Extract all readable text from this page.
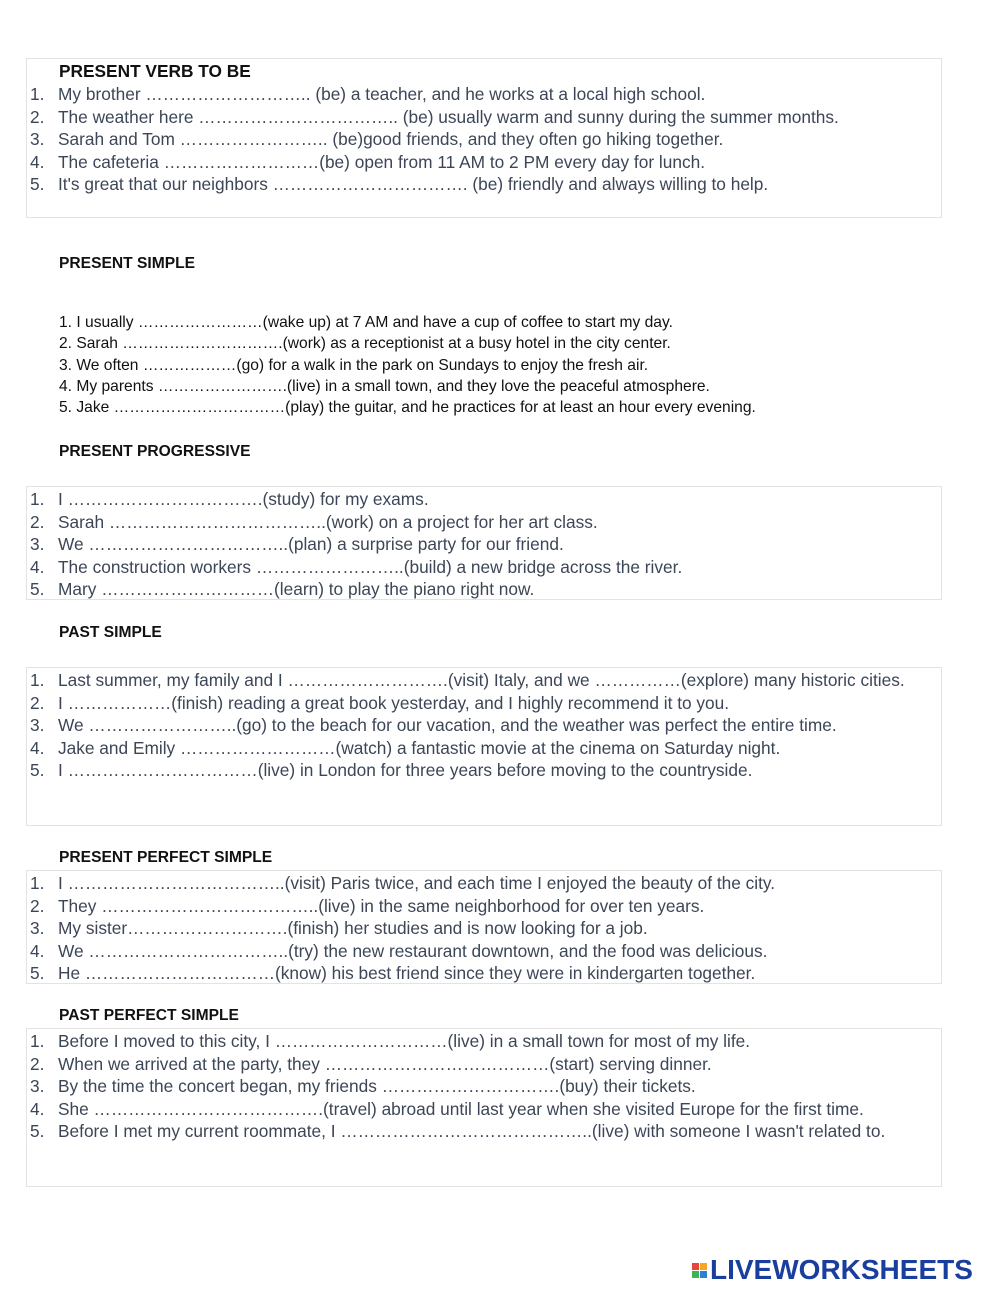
PRESENT VERB TO BE
1. My brother ……………………….. (be) a teacher, and he works at a local high school.
2. The weather here …………………………….. (be) usually warm and sunny during the summer months.
3. Sarah and Tom …………………….. (be)good friends, and they often go hiking together.
4. The cafeteria ………………………(be) open from 11 AM to 2 PM every day for lunch.
5. It's great that our neighbors ……………………………. (be) friendly and always willing to help.
PRESENT SIMPLE
1. I usually ……………………(wake up) at 7 AM and have a cup of coffee to start my day.
2. Sarah ………………………….(work) as a receptionist at a busy hotel in the city center.
3. We often ………………(go) for a walk in the park on Sundays to enjoy the fresh air.
4. My parents …………………….(live) in a small town, and they love the peaceful atmosphere.
5. Jake ……………………………(play) the guitar, and he practices for at least an hour every evening.
PRESENT PROGRESSIVE
1. I …………………………….(study) for my exams.
2. Sarah ………………………………..(work) on a project for her art class.
3. We ……………………………..(plan) a surprise party for our friend.
4. The construction workers ……………………..(build) a new bridge across the river.
5. Mary …………………………(learn) to play the piano right now.
PAST SIMPLE
1. Last summer, my family and I ……………………….(visit) Italy, and we ……………(explore) many historic cities.
2. I ………………(finish) reading a great book yesterday, and I highly recommend it to you.
3. We ……………………..(go) to the beach for our vacation, and the weather was perfect the entire time.
4. Jake and Emily ………………………(watch) a fantastic movie at the cinema on Saturday night.
5. I ……………………………(live) in London for three years before moving to the countryside.
PRESENT PERFECT SIMPLE
1. I ………………………………..(visit) Paris twice, and each time I enjoyed the beauty of the city.
2. They ………………………………..(live) in the same neighborhood for over ten years.
3. My sister……………………….(finish) her studies and is now looking for a job.
4. We ……………………………..(try) the new restaurant downtown, and the food was delicious.
5. He ……………………………(know) his best friend since they were in kindergarten together.
PAST PERFECT SIMPLE
1. Before I moved to this city, I …………………………(live) in a small town for most of my life.
2. When we arrived at the party, they …………………………………(start) serving dinner.
3. By the time the concert began, my friends ………………………….(buy) their tickets.
4. She ………………………………….(travel) abroad until last year when she visited Europe for the first time.
5. Before I met my current roommate, I ……………………………………..(live) with someone I wasn't related to.
LIVEWORKSHEETS
